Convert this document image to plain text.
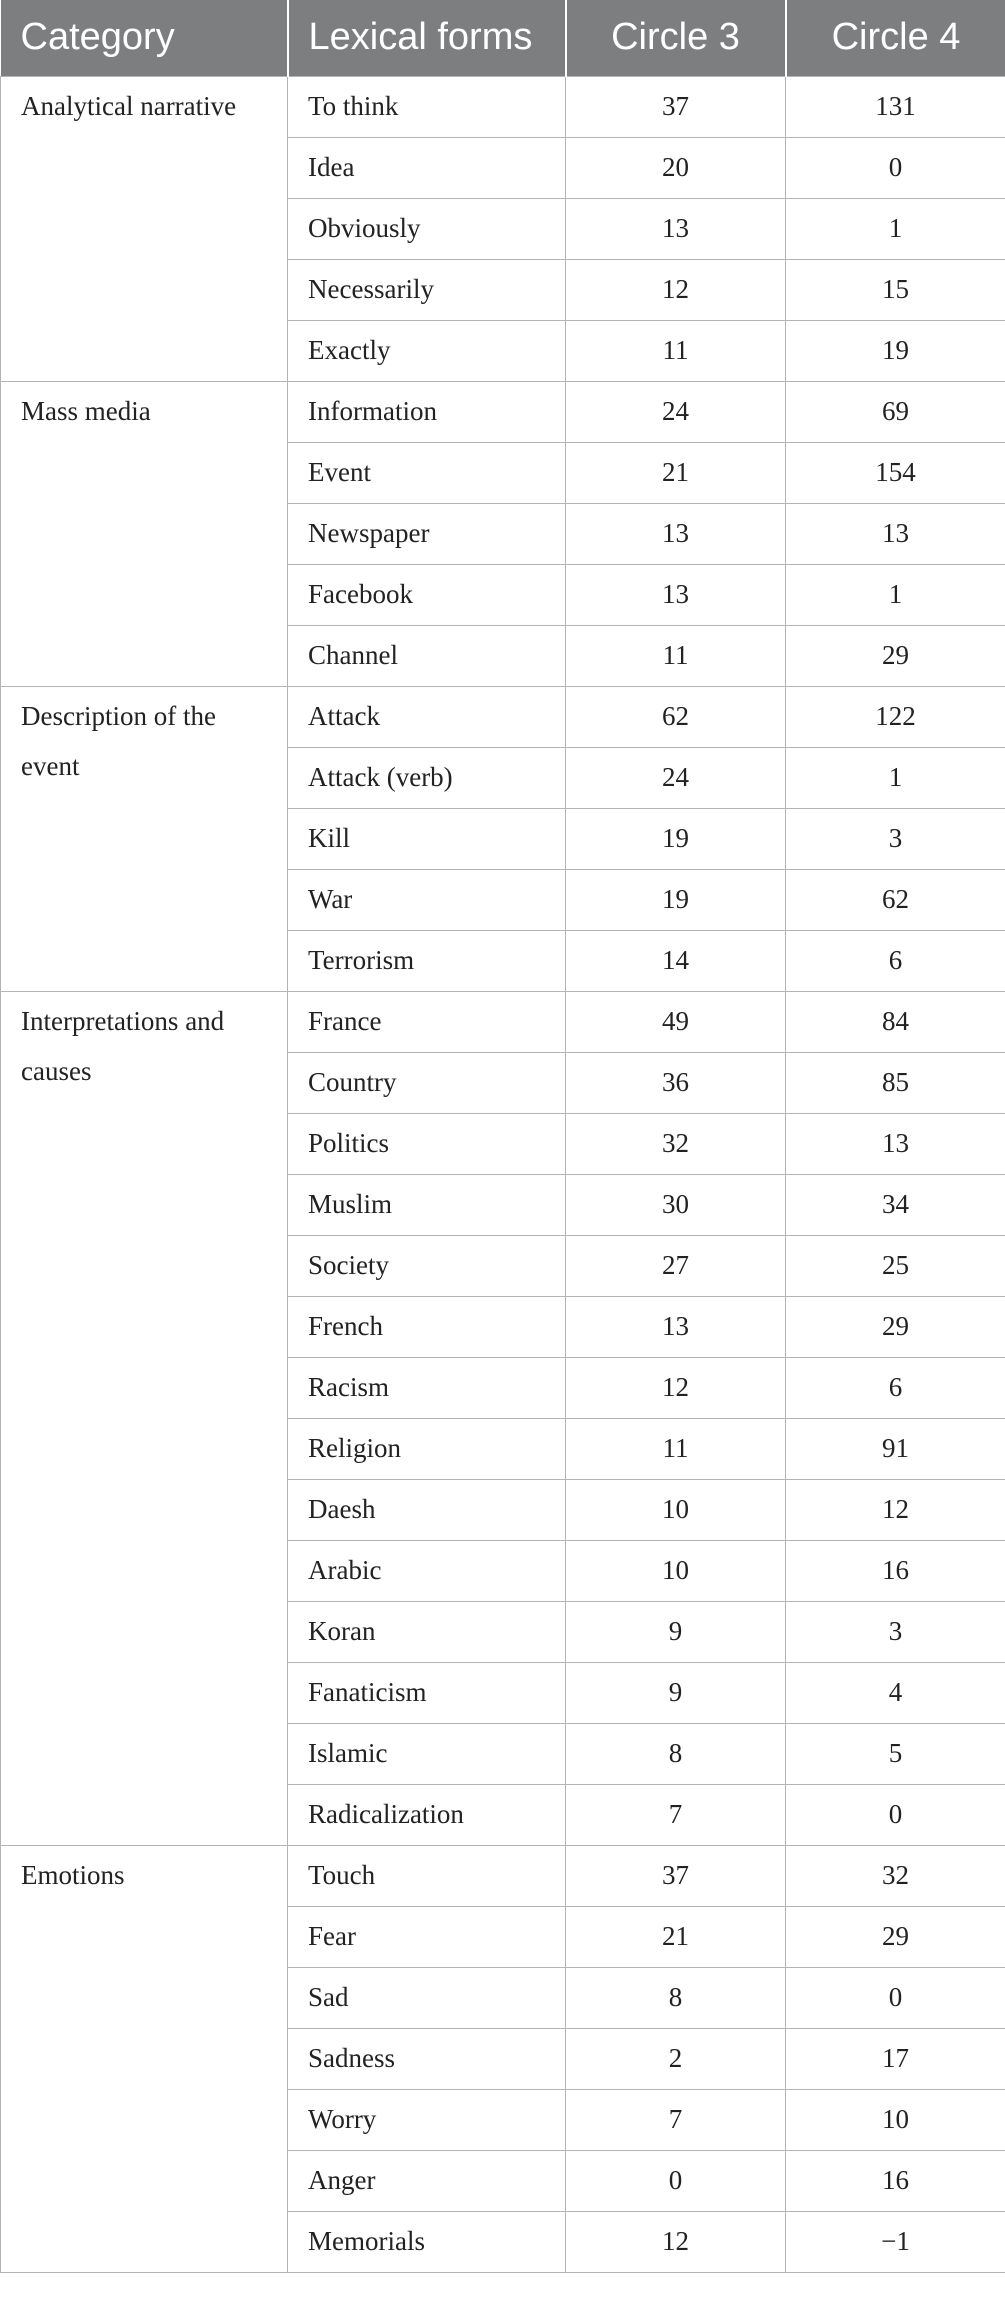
Category	Lexical forms	Circle 3	Circle 4

Analytical narrative	To think	37	131
	Idea	20	0
	Obviously	13	1
	Necessarily	12	15
	Exactly	11	19

Mass media	Information	24	69
	Event	21	154
	Newspaper	13	13
	Facebook	13	1
	Channel	11	29

Description of the event	Attack	62	122
	Attack (verb)	24	1
	Kill	19	3
	War	19	62
	Terrorism	14	6

Interpretations and causes	France	49	84
	Country	36	85
	Politics	32	13
	Muslim	30	34
	Society	27	25
	French	13	29
	Racism	12	6
	Religion	11	91
	Daesh	10	12
	Arabic	10	16
	Koran	9	3
	Fanaticism	9	4
	Islamic	8	5
	Radicalization	7	0

Emotions	Touch	37	32
	Fear	21	29
	Sad	8	0
	Sadness	2	17
	Worry	7	10
	Anger	0	16
	Memorials	12	−1
